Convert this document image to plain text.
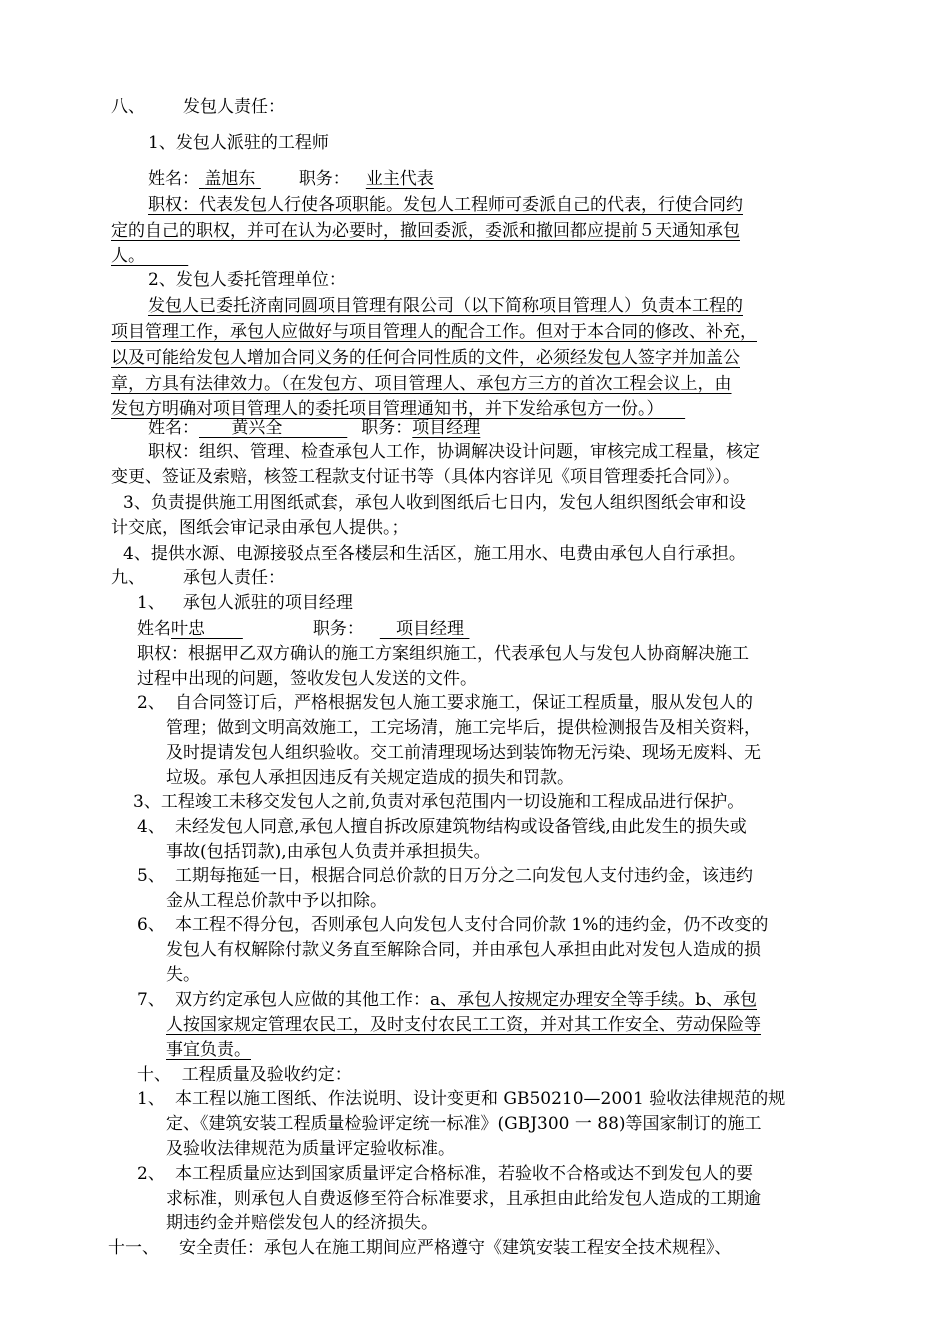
八、 发包人责任：
1、发包人派驻的工程师
姓名： 盖旭东	职务： 业主代表
职权：代表发包人行使各项职能。发包人工程师可委派自己的代表，行使合同约
定的自己的职权，并可在认为必要时，撤回委派，委派和撤回都应提前５天通知承包
人。
2、发包人委托管理单位：
发包人已委托济南同圆项目管理有限公司（以下简称项目管理人）负责本工程的
项目管理工作，承包人应做好与项目管理人的配合工作。但对于本合同的修改、补充，
以及可能给发包人增加合同义务的任何合同性质的文件，必须经发包人签字并加盖公
章，方具有法律效力。（在发包方、项目管理人、承包方三方的首次工程会议上，由
发包方明确对项目管理人的委托项目管理通知书，并下发给承包方一份。）
姓名： 黄兴全	职务：项目经理
职权：组织、管理、检查承包人工作，协调解决设计问题，审核完成工程量，核定
变更、签证及索赔，核签工程款支付证书等（具体内容详见《项目管理委托合同》）。
3、负责提供施工用图纸贰套，承包人收到图纸后七日内，发包人组织图纸会审和设
计交底，图纸会审记录由承包人提供。；
4、提供水源、电源接驳点至各楼层和生活区，施工用水、电费由承包人自行承担。
九、 承包人责任：
1、 承包人派驻的项目经理
姓名叶忠	职务： 项目经理
职权：根据甲乙双方确认的施工方案组织施工，代表承包人与发包人协商解决施工
过程中出现的问题，签收发包人发送的文件。
2、 自合同签订后，严格根据发包人施工要求施工，保证工程质量，服从发包人的
管理；做到文明高效施工，工完场清，施工完毕后，提供检测报告及相关资料，
及时提请发包人组织验收。交工前清理现场达到装饰物无污染、现场无废料、无
垃圾。承包人承担因违反有关规定造成的损失和罚款。
3、工程竣工未移交发包人之前,负责对承包范围内一切设施和工程成品进行保护。
4、 未经发包人同意,承包人擅自拆改原建筑物结构或设备管线,由此发生的损失或
事故(包括罚款),由承包人负责并承担损失。
5、 工期每拖延一日，根据合同总价款的日万分之二向发包人支付违约金，该违约
金从工程总价款中予以扣除。
6、 本工程不得分包，否则承包人向发包人支付合同价款 1%的违约金，仍不改变的
发包人有权解除付款义务直至解除合同，并由承包人承担由此对发包人造成的损
失。
7、 双方约定承包人应做的其他工作：a、承包人按规定办理安全等手续。b、承包
人按国家规定管理农民工，及时支付农民工工资，并对其工作安全、劳动保险等
事宜负责。
十、  工程质量及验收约定：
1、 本工程以施工图纸、作法说明、设计变更和 GB50210—2001 验收法律规范的规
定、《建筑安装工程质量检验评定统一标准》(GBJ300 一 88)等国家制订的施工
及验收法律规范为质量评定验收标准。
2、 本工程质量应达到国家质量评定合格标准，若验收不合格或达不到发包人的要
求标准，则承包人自费返修至符合标准要求，且承担由此给发包人造成的工期逾
期违约金并赔偿发包人的经济损失。
十一、 安全责任：承包人在施工期间应严格遵守《建筑安装工程安全技术规程》、
